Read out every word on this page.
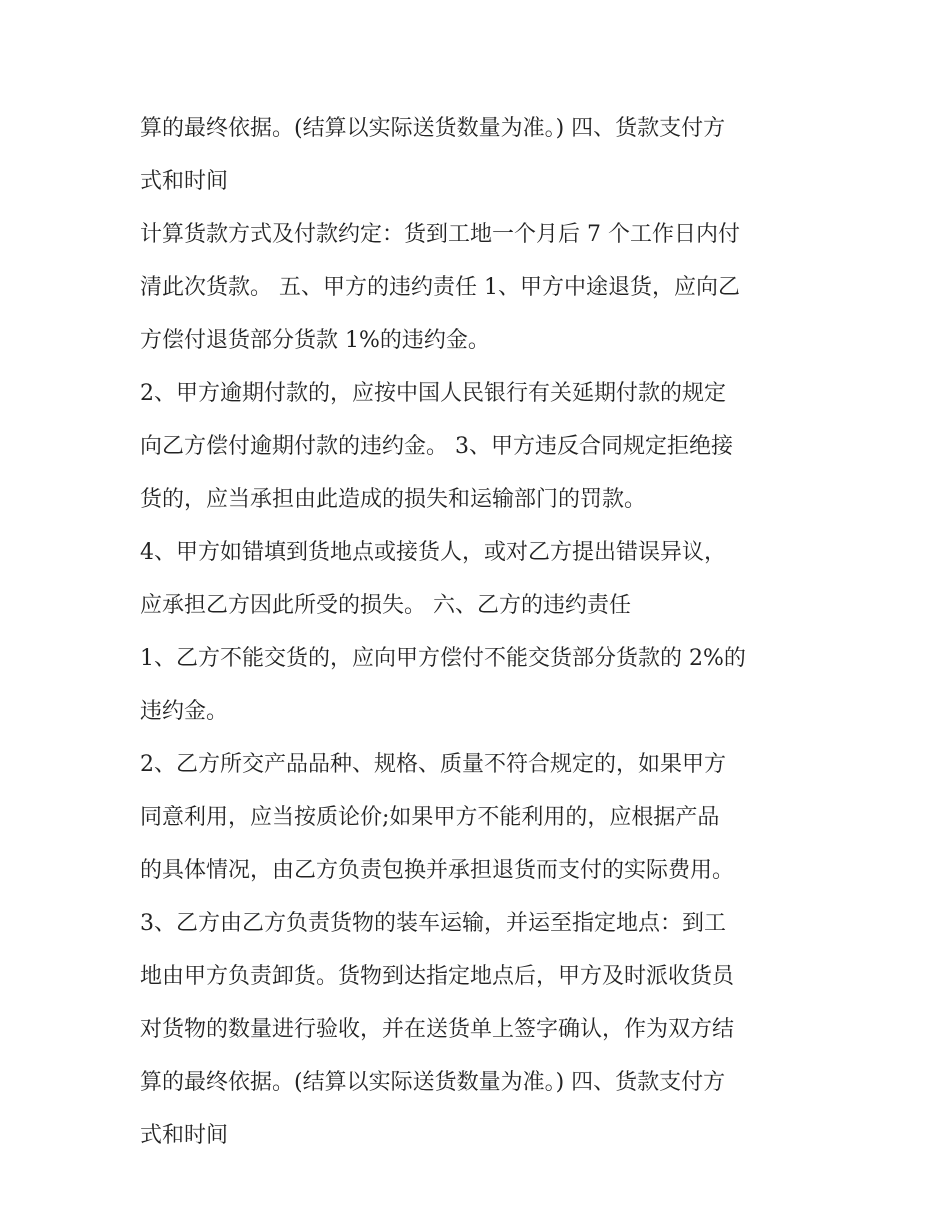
算的最终依据。(结算以实际送货数量为准。) 四、货款支付方
式和时间
计算货款方式及付款约定：货到工地一个月后 7 个工作日内付
清此次货款。 五、甲方的违约责任 1、甲方中途退货，应向乙
方偿付退货部分货款 1%的违约金。
2、甲方逾期付款的，应按中国人民银行有关延期付款的规定
向乙方偿付逾期付款的违约金。 3、甲方违反合同规定拒绝接
货的，应当承担由此造成的损失和运输部门的罚款。
4、甲方如错填到货地点或接货人，或对乙方提出错误异议，
应承担乙方因此所受的损失。 六、乙方的违约责任
1、乙方不能交货的，应向甲方偿付不能交货部分货款的 2%的
违约金。
2、乙方所交产品品种、规格、质量不符合规定的，如果甲方
同意利用，应当按质论价;如果甲方不能利用的，应根据产品
的具体情况，由乙方负责包换并承担退货而支付的实际费用。
3、乙方由乙方负责货物的装车运输，并运至指定地点：到工
地由甲方负责卸货。货物到达指定地点后，甲方及时派收货员
对货物的数量进行验收，并在送货单上签字确认，作为双方结
算的最终依据。(结算以实际送货数量为准。) 四、货款支付方
式和时间
